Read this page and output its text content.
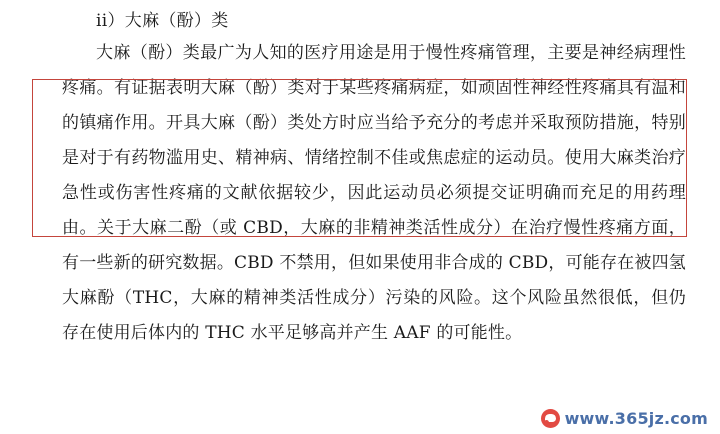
ii）大麻（酚）类

大麻（酚）类最广为人知的医疗用途是用于慢性疼痛管理，主要是神经病理性疼痛。有证据表明大麻（酚）类对于某些疼痛病症，如顽固性神经性疼痛具有温和的镇痛作用。开具大麻（酚）类处方时应当给予充分的考虑并采取预防措施，特别是对于有药物滥用史、精神病、情绪控制不佳或焦虑症的运动员。使用大麻类治疗急性或伤害性疼痛的文献依据较少，因此运动员必须提交证明确而充足的用药理由。关于大麻二酚（或 CBD，大麻的非精神类活性成分）在治疗慢性疼痛方面，有一些新的研究数据。CBD 不禁用，但如果使用非合成的 CBD，可能存在被四氢大麻酚（THC，大麻的精神类活性成分）污染的风险。这个风险虽然很低，但仍存在使用后体内的 THC 水平足够高并产生 AAF 的可能性。

www.365jz.com
